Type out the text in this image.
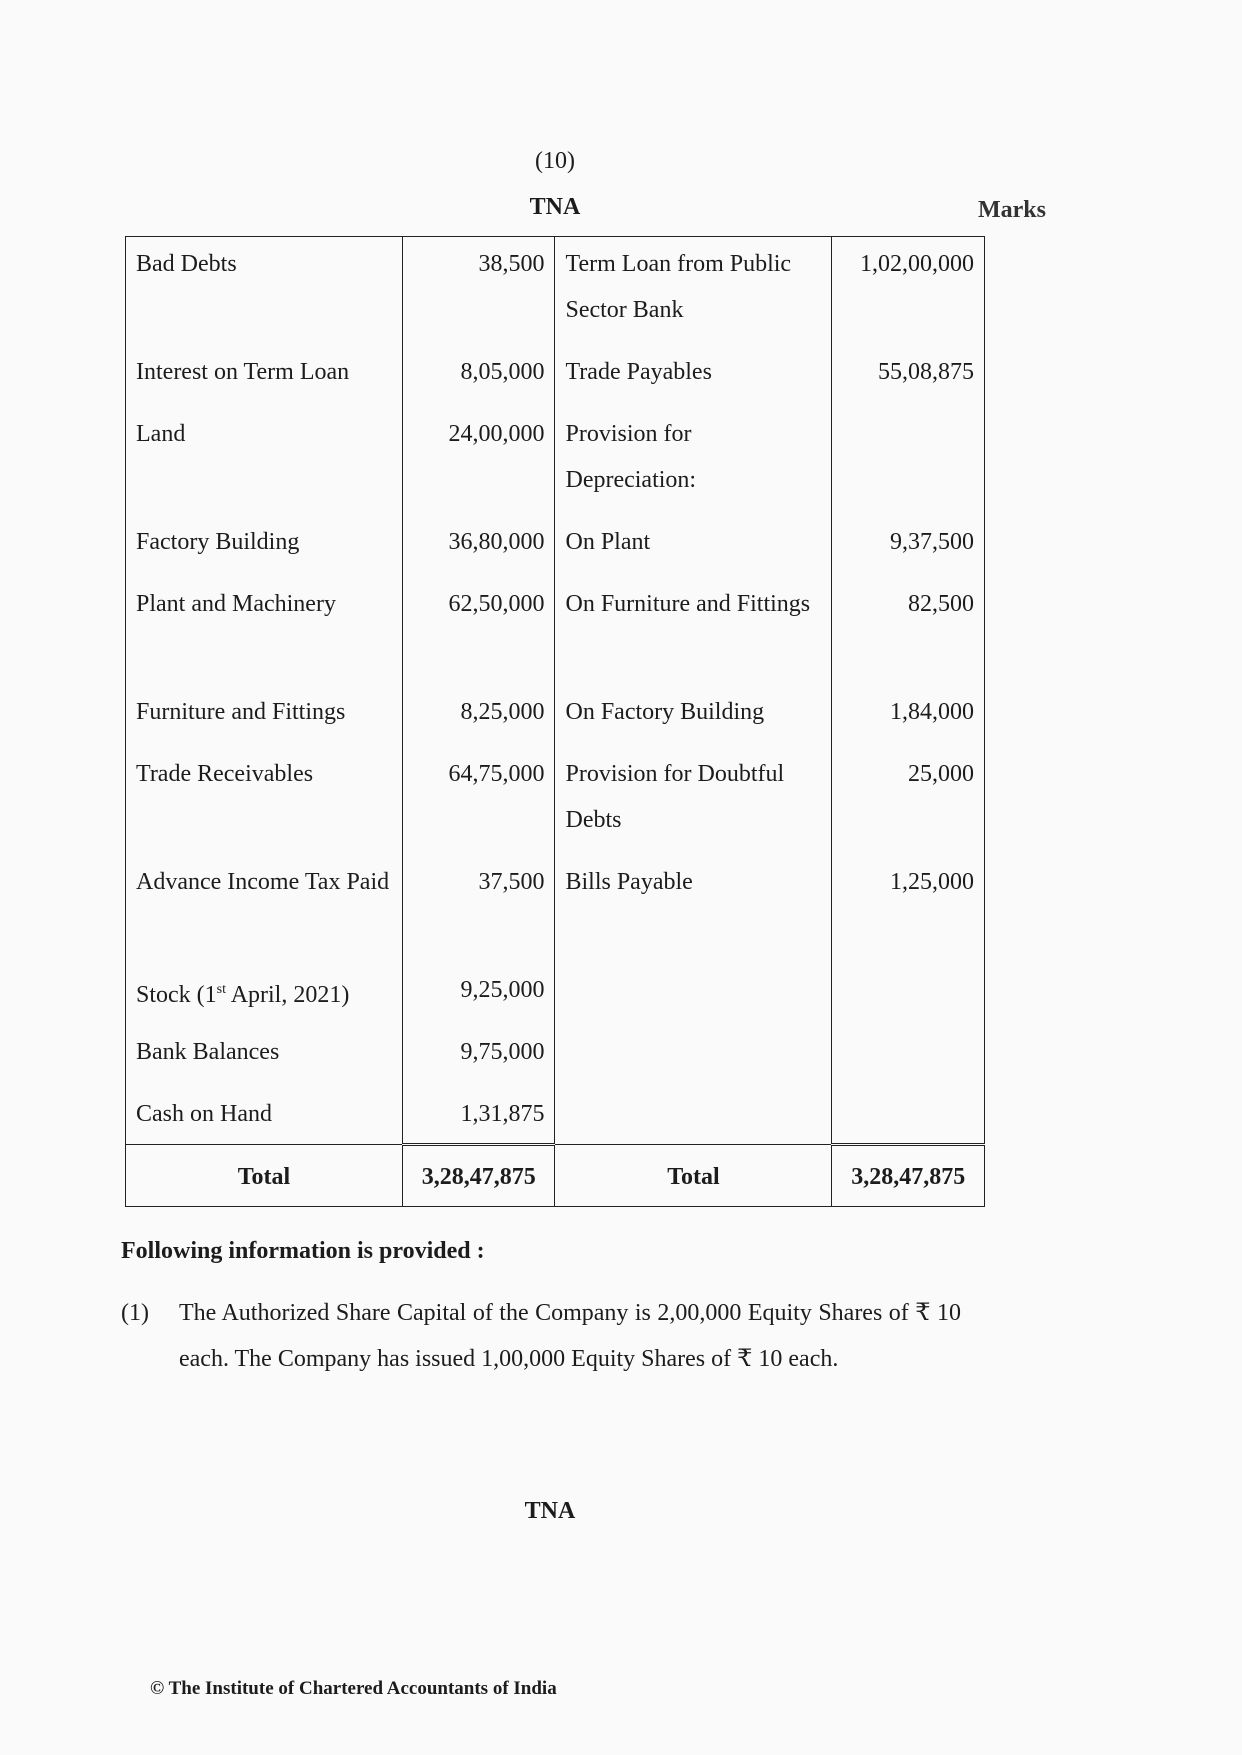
(10)
TNA	Marks
Bad Debts	38,500	Term Loan from Public Sector Bank	1,02,00,000
Interest on Term Loan	8,05,000	Trade Payables	55,08,875
Land	24,00,000	Provision for Depreciation:	
Factory Building	36,80,000	On Plant	9,37,500
Plant and Machinery	62,50,000	On Furniture and Fittings	82,500
Furniture and Fittings	8,25,000	On Factory Building	1,84,000
Trade Receivables	64,75,000	Provision for Doubtful Debts	25,000
Advance Income Tax Paid	37,500	Bills Payable	1,25,000
Stock (1st April, 2021)	9,25,000		
Bank Balances	9,75,000		
Cash on Hand	1,31,875		
Total	3,28,47,875	Total	3,28,47,875
Following information is provided :
(1) The Authorized Share Capital of the Company is 2,00,000 Equity Shares of ₹ 10 each. The Company has issued 1,00,000 Equity Shares of ₹ 10 each.
TNA
© The Institute of Chartered Accountants of India
